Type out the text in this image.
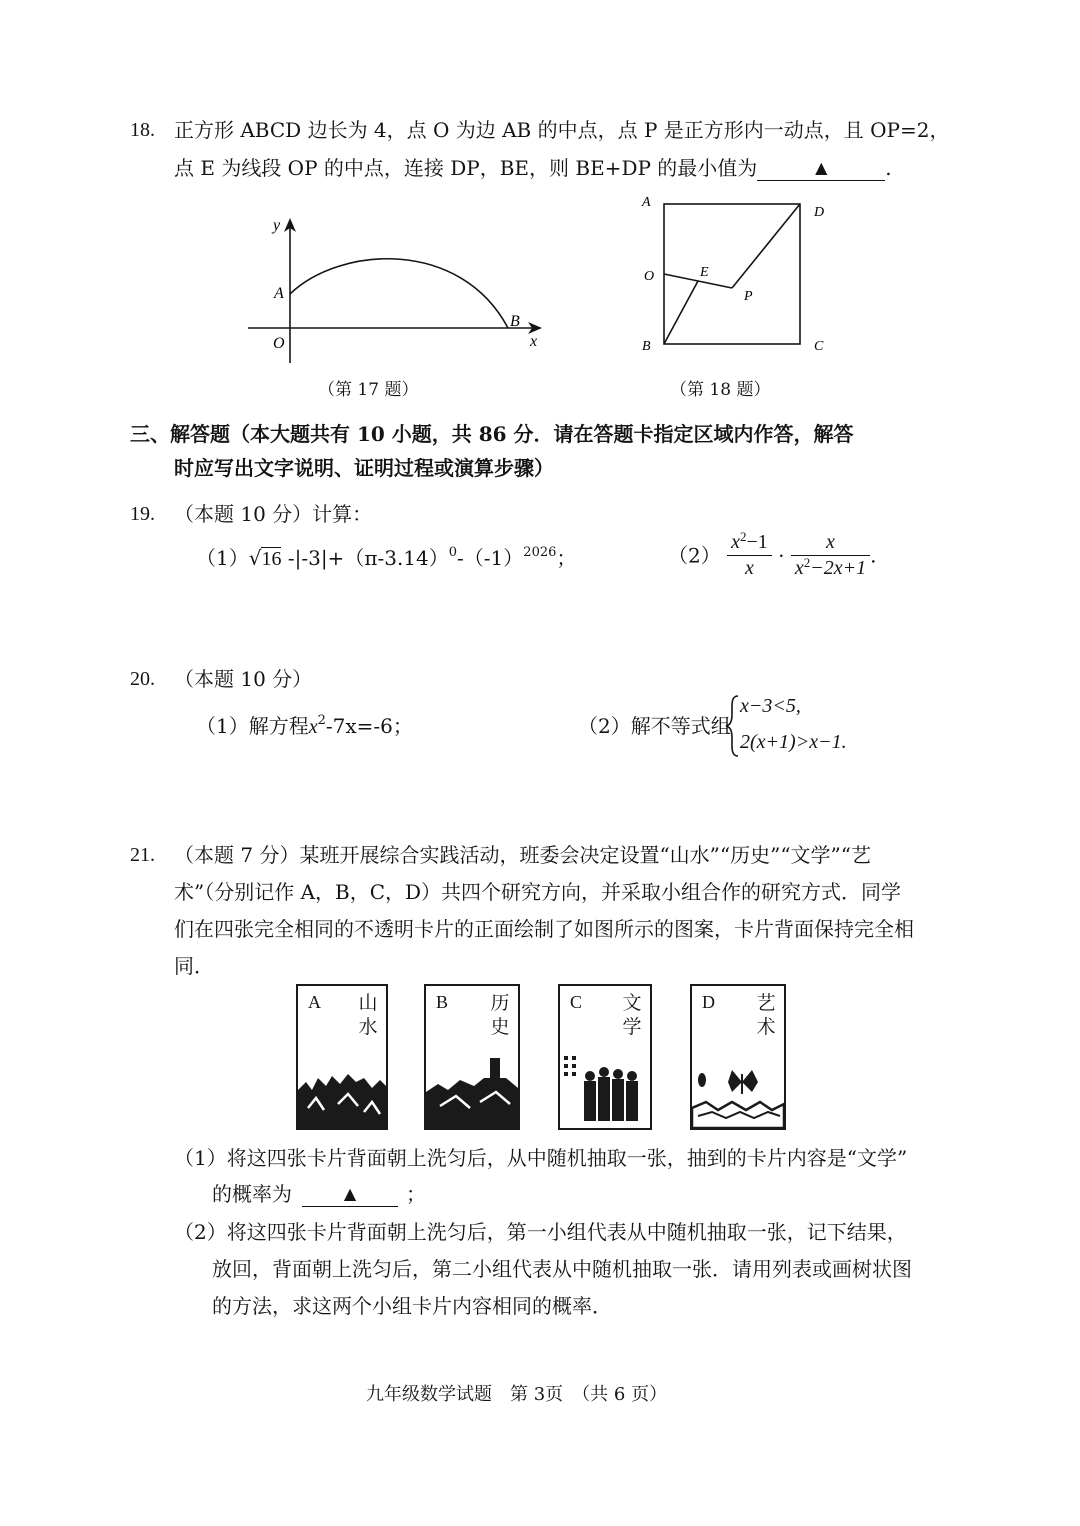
18. 正方形 ABCD 边长为 4，点 O 为边 AB 的中点，点 P 是正方形内一动点，且 OP=2，
点 E 为线段 OP 的中点，连接 DP，BE，则 BE+DP 的最小值为	▲	.
y
x
O
A
B
（第 17 题）
A
D
O	E
P
B	C
（第 18 题）
三、解答题（本大题共有 10 小题，共 86 分．请在答题卡指定区域内作答，解答
时应写出文字说明、证明过程或演算步骤）
19. （本题 10 分）计算：
（1）√16 $-|-3|+(\pi-3.14)^0-(-1)^{2026}$；	$(2) \frac{x^2-1}{x} \cdot \frac{x}{x^2-2x+1}$ .
20. （本题 10 分）
（1）解方程$x^2-7x=-6$；	（2）解不等式组
x−3<5,
2(x+1)>x−1.
21. （本题 7 分）某班开展综合实践活动，班委会决定设置“山水”“历史”“文学”“艺
术”（分别记作 A，B，C，D）共四个研究方向，并采取小组合作的研究方式．同学
们在四张完全相同的不透明卡片的正面绘制了如图所示的图案，卡片背面保持完全相
同．
A 山
水
B 历
史
C 文
学
D 艺
术
（1）将这四张卡片背面朝上洗匀后，从中随机抽取一张，抽到的卡片内容是“文学”
的概率为	▲ ；
（2）将这四张卡片背面朝上洗匀后，第一小组代表从中随机抽取一张，记下结果，
放回，背面朝上洗匀后，第二小组代表从中随机抽取一张．请用列表或画树状图
的方法，求这两个小组卡片内容相同的概率．
九年级数学试题　第 3页　（共 6 页）
